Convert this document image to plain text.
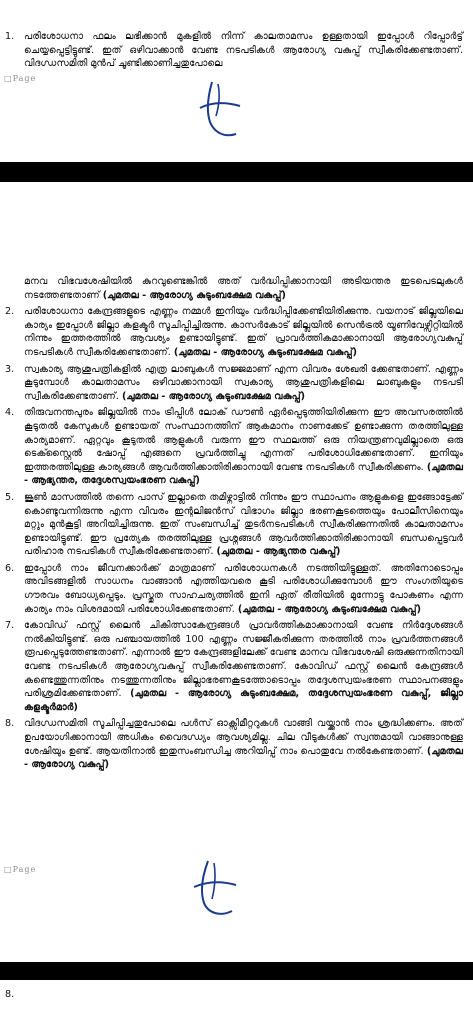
1. പരിശോധനാ ഫലം ലഭിക്കാൻ മുകളിൽ നിന്ന് കാലതാമസം ഉള്ളതായി ഇപ്പോൾ റിപ്പോർട്ട് ചെയ്യപ്പെട്ടിട്ടുണ്ട്. ഇത് ഒഴിവാക്കാൻ വേണ്ട നടപടികൾ ആരോഗ്യ വകുപ്പ് സ്വീകരിക്കേണ്ടതാണ്. വിദഗ്ധസമിതി മുൻപ് ചൂണ്ടിക്കാണിച്ചതുപോലെ
□Page
മനവ വിഭവശേഷിയിൽ കുറവുണ്ടെങ്കിൽ അത് വർദ്ധിപ്പിക്കാനായി അടിയന്തര ഇടപെടലുകൾ നടത്തേണ്ടതാണ് (ചുമതല - ആരോഗ്യ കുടുംബക്ഷേമ വകുപ്പ്)
2. പരിശോധനാ കേന്ദ്രങ്ങളുടെ എണ്ണം നമ്മൾ ഇനിയും വർദ്ധിപ്പിക്കേണ്ടിയിരിക്കുന്നു. വയനാട് ജില്ലയിലെ കാര്യം ഇപ്പോൾ ജില്ലാ കളക്ടർ സൂചിപ്പിച്ചിരുന്നു. കാസർകോട് ജില്ലയിൽ സെൻട്രൽ യൂണിവേഴ്സിറ്റിയിൽ നിന്നും ഇത്തരത്തിൽ ആവശ്യം ഉണ്ടായിട്ടുണ്ട്. ഇത് പ്രാവർത്തികമാക്കാനായി ആരോഗ്യവകുപ്പ് നടപടികൾ സ്വീകരിക്കേണ്ടതാണ്. (ചുമതല - ആരോഗ്യ കുടുംബക്ഷേമ വകുപ്പ്)
3. സ്വകാര്യ ആശുപത്രികളിൽ എത്ര ലാബുകൾ സജ്ജമാണ് എന്ന വിവരം ശേഖരി ക്കേണ്ടതാണ്. എണ്ണം കൂടുമ്പോൾ കാലതാമസം ഒഴിവാക്കാനായി സ്വകാര്യ ആശുപത്രികളിലെ ലാബുകളും നടപടി സ്വീകരിക്കേണ്ടതാണ്. (ചുമതല - ആരോഗ്യ കുടുംബക്ഷേമ വകുപ്പ്)
4. തിരുവനന്തപുരം ജില്ലയിൽ നാം ട്രിപ്പിൾ ലോക് ഡൗൺ ഏർപ്പെടുത്തിയിരിക്കുന്ന ഈ അവസരത്തിൽ കൂടുതൽ കേസുകൾ ഉണ്ടായത് സംസ്ഥാനത്തിന് ആകമാനം നാണക്കേട് ഉണ്ടാക്കുന്ന തരത്തിലുള്ള കാര്യമാണ്. ഏറ്റവും കൂടുതൽ ആളുകൾ വരുന്ന ഈ സ്ഥലത്ത് ഒരു നിയന്ത്രണവുമില്ലാതെ ഒരു ടെക്സ്റ്റൈൽ ഷോപ്പ് എങ്ങനെ പ്രവർത്തിച്ചു എന്നത് പരിശോധിക്കേണ്ടതാണ്. ഇനിയും ഇത്തരത്തിലുള്ള കാര്യങ്ങൾ ആവർത്തിക്കാതിരിക്കാനായി വേണ്ട നടപടികൾ സ്വീകരിക്കണം. (ചുമതല - ആഭ്യന്തര, തദ്ദേശസ്വയംഭരണ വകുപ്പ്)
5. ജൂൺ മാസത്തിൽ തന്നെ പാസ് ഇല്ലാതെ തമിഴ്നാട്ടിൽ നിന്നും ഈ സ്ഥാപനം ആളുകളെ ഇങ്ങോട്ടേക്ക് കൊണ്ടുവന്നിരുന്നു എന്ന വിവരം ഇന്റലിജൻസ് വിഭാഗം ജില്ലാ ഭരണകൂടത്തെയും പോലീസിനെയും മറ്റും മുൻകൂട്ടി അറിയിച്ചിരുന്നു. ഇത് സംബന്ധിച്ച് തുടർനടപടികൾ സ്വീകരിക്കുന്നതിൽ കാലതാമസം ഉണ്ടായിട്ടുണ്ട്. ഈ പ്രത്യേക തരത്തിലുള്ള പ്രശ്നങ്ങൾ ആവർത്തിക്കാതിരിക്കാനായി ബന്ധപ്പെട്ടവർ പരിഹാര നടപടികൾ സ്വീകരിക്കേണ്ടതാണ്. (ചുമതല - ആഭ്യന്തര വകുപ്പ്)
6. ഇപ്പോൾ നാം ജീവനക്കാർക്ക് മാത്രമാണ് പരിശോധനകൾ നടത്തിയിട്ടുള്ളത്. അതിനോടൊപ്പം അവിടങ്ങളിൽ സാധനം വാങ്ങാൻ എത്തിയവരെ കൂടി പരിശോധിക്കുമ്പോൾ ഈ സംഗതിയുടെ ഗൗരവം ബോധ്യപ്പെടും. പ്രസ്തുത സാഹചര്യത്തിൽ ഇനി ഏത് രീതിയിൽ മുന്നോട്ടു പോകണം എന്ന കാര്യം നാം വിശദമായി പരിശോധിക്കേണ്ടതാണ്. (ചുമതല - ആരോഗ്യ കുടുംബക്ഷേമ വകുപ്പ്)
7. കോവിഡ് ഫസ്റ്റ് ലൈൻ ചികിത്സാകേന്ദ്രങ്ങൾ പ്രാവർത്തികമാക്കാനായി വേണ്ട നിർദ്ദേശങ്ങൾ നൽകിയിട്ടുണ്ട്. ഒരു പഞ്ചായത്തിൽ 100 എണ്ണം സജ്ജീകരിക്കുന്ന തരത്തിൽ നാം പ്രവർത്തനങ്ങൾ രൂപപ്പെടുത്തേണ്ടതാണ്. എന്നാൽ ഈ കേന്ദ്രങ്ങളിലേക്ക് വേണ്ട മാനവ വിഭവശേഷി ഒരുക്കുന്നതിനായി വേണ്ട നടപടികൾ ആരോഗ്യവകുപ്പ് സ്വീകരിക്കേണ്ടതാണ്. കോവിഡ് ഫസ്റ്റ് ലൈൻ കേന്ദ്രങ്ങൾ കണ്ടെത്തുന്നതിനും നടത്തുന്നതിനും ജില്ലാഭരണകൂടത്തോടൊപ്പം തദ്ദേശസ്വയംഭരണ സ്ഥാപനങ്ങളും പരിശ്രമിക്കേണ്ടതാണ്. (ചുമതല - ആരോഗ്യ കുടുംബക്ഷേമ, തദ്ദേശസ്വയംഭരണ വകുപ്പ്, ജില്ലാ കളക്ടർമാർ)
8. വിദഗ്ധസമിതി സൂചിപ്പിച്ചതുപോലെ പൾസ് ഓക്സിമീറ്ററുകൾ വാങ്ങി വയ്ക്കാൻ നാം ശ്രദ്ധിക്കണം. അത് ഉപയോഗിക്കാനായി അധികം വൈദഗ്ധ്യം ആവശ്യമില്ല. ചില വീടുകൾക്ക് സ്വന്തമായി വാങ്ങാനുള്ള ശേഷിയും ഉണ്ട്. ആയതിനാൽ ഇതുസംബന്ധിച്ച അറിയിപ്പ് നാം പൊതുവേ നൽകേണ്ടതാണ്. (ചുമതല - ആരോഗ്യ വകുപ്പ്)
□Page
8.
